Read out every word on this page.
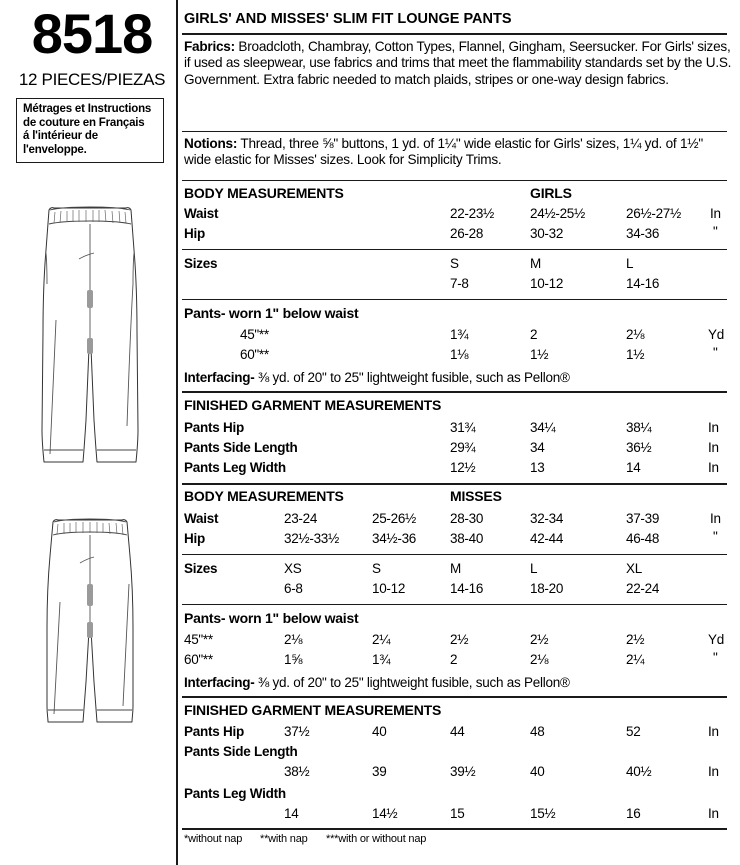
8518
12 PIECES/PIEZAS
Métrages et Instructions
de couture en Français
á l'intérieur de
l'enveloppe.
GIRLS' AND MISSES' SLIM FIT LOUNGE PANTS
Fabrics: Broadcloth, Chambray, Cotton Types, Flannel, Gingham, Seersucker. For Girls' sizes, if used as sleepwear, use fabrics and trims that meet the flammability standards set by the U.S. Government. Extra fabric needed to match plaids, stripes or one-way design fabrics.
Notions: Thread, three ⅝" buttons, 1 yd. of 1¼" wide elastic for Girls' sizes, 1¼ yd. of 1½" wide elastic for Misses' sizes. Look for Simplicity Trims.
BODY MEASUREMENTS	GIRLS
Waist	22-23½	24½-25½	26½-27½ In
Hip	26-28	30-32	34-36	"
Sizes	S	M	L
7-8	10-12	14-16
Pants- worn 1" below waist
45"**	1¾	2	2⅛	Yd
60"**	1⅛	1½	1½	"
Interfacing- ⅜ yd. of 20" to 25" lightweight fusible, such as Pellon®
FINISHED GARMENT MEASUREMENTS
Pants Hip	31¾	34¼	38¼	In
Pants Side Length	29¾	34	36½	In
Pants Leg Width	12½	13	14	In
BODY MEASUREMENTS	MISSES
Waist	23-24	25-26½	28-30	32-34	37-39	In
Hip	32½-33½ 34½-36	38-40	42-44	46-48	"
Sizes	XS	S	M	L	XL
6-8	10-12	14-16	18-20	22-24
Pants- worn 1" below waist
45"**	2⅛	2¼	2½	2½	2½	Yd
60"**	1⅝	1¾	2	2⅛	2¼	"
Interfacing- ⅜ yd. of 20" to 25" lightweight fusible, such as Pellon®
FINISHED GARMENT MEASUREMENTS
Pants Hip	37½	40	44	48	52	In
Pants Side Length
38½	39	39½	40	40½	In
Pants Leg Width
14	14½	15	15½	16	In
*without nap **with nap ***with or without nap
